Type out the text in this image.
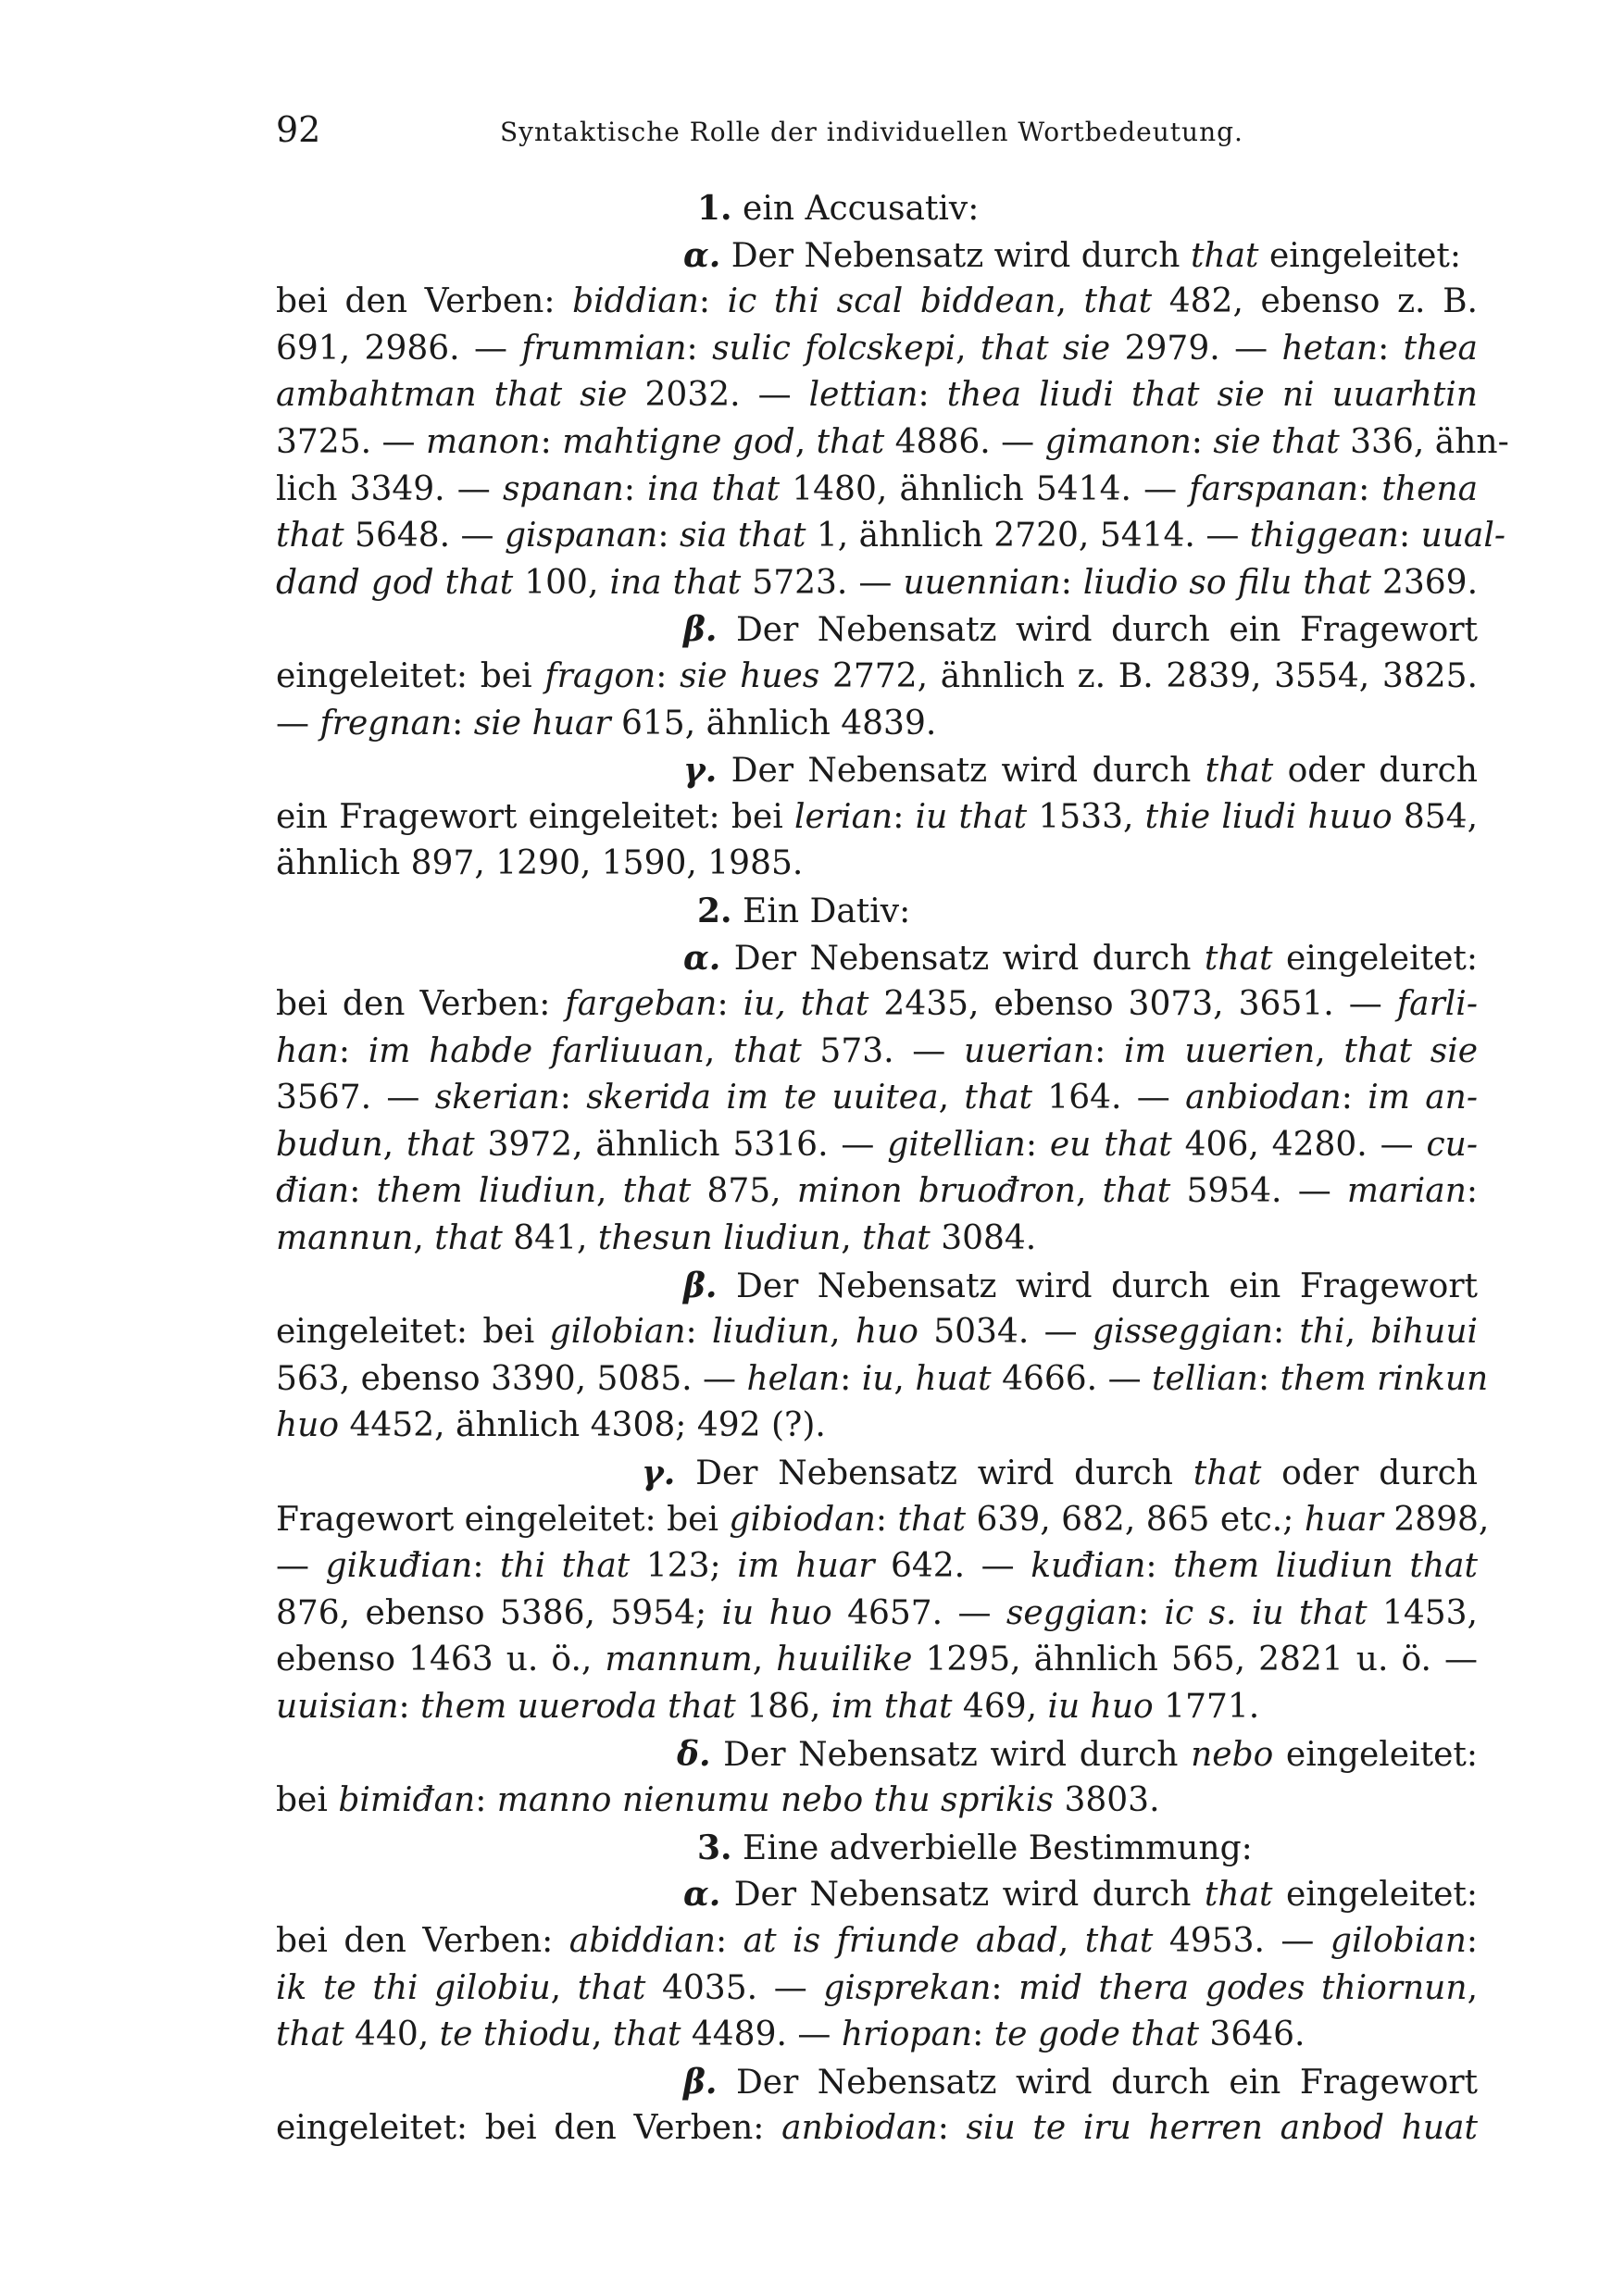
92	Syntaktische Rolle der individuellen Wortbedeutung.
1. ein Accusativ:
α. Der Nebensatz wird durch that eingeleitet:
bei den Verben: biddian: ic thi scal biddean, that 482, ebenso z. B.
691, 2986. — frummian: sulic folcskepi, that sie 2979. — hetan: thea
ambahtman that sie 2032. — lettian: thea liudi that sie ni uuarhtin
3725. — manon: mahtigne god, that 4886. — gimanon: sie that 336, ähn-
lich 3349. — spanan: ina that 1480, ähnlich 5414. — farspanan: thena
that 5648. — gispanan: sia that 1, ähnlich 2720, 5414. — thiggean: uual-
dand god that 100, ina that 5723. — uuennian: liudio so filu that 2369.
β. Der Nebensatz wird durch ein Fragewort
eingeleitet: bei fragon: sie hues 2772, ähnlich z. B. 2839, 3554, 3825.
— fregnan: sie huar 615, ähnlich 4839.
γ. Der Nebensatz wird durch that oder durch
ein Fragewort eingeleitet: bei lerian: iu that 1533, thie liudi huuo 854,
ähnlich 897, 1290, 1590, 1985.
2. Ein Dativ:
α. Der Nebensatz wird durch that eingeleitet:
bei den Verben: fargeban: iu, that 2435, ebenso 3073, 3651. — farli-
han: im habde farliuuan, that 573. — uuerian: im uuerien, that sie
3567. — skerian: skerida im te uuitea, that 164. — anbiodan: im an-
budun, that 3972, ähnlich 5316. — gitellian: eu that 406, 4280. — cu-
đian: them liudiun, that 875, minon bruođron, that 5954. — marian:
mannun, that 841, thesun liudiun, that 3084.
β. Der Nebensatz wird durch ein Fragewort
eingeleitet: bei gilobian: liudiun, huo 5034. — gisseggian: thi, bihuui
563, ebenso 3390, 5085. — helan: iu, huat 4666. — tellian: them rinkun
huo 4452, ähnlich 4308; 492 (?).
γ. Der Nebensatz wird durch that oder durch
Fragewort eingeleitet: bei gibiodan: that 639, 682, 865 etc.; huar 2898,
— gikuđian: thi that 123; im huar 642. — kuđian: them liudiun that
876, ebenso 5386, 5954; iu huo 4657. — seggian: ic s. iu that 1453,
ebenso 1463 u. ö., mannum, huuilike 1295, ähnlich 565, 2821 u. ö. —
uuisian: them uueroda that 186, im that 469, iu huo 1771.
δ. Der Nebensatz wird durch nebo eingeleitet:
bei bimiđan: manno nienumu nebo thu sprikis 3803.
3. Eine adverbielle Bestimmung:
α. Der Nebensatz wird durch that eingeleitet:
bei den Verben: abiddian: at is friunde abad, that 4953. — gilobian:
ik te thi gilobiu, that 4035. — gisprekan: mid thera godes thiornun,
that 440, te thiodu, that 4489. — hriopan: te gode that 3646.
β. Der Nebensatz wird durch ein Fragewort
eingeleitet: bei den Verben: anbiodan: siu te iru herren anbod huat
